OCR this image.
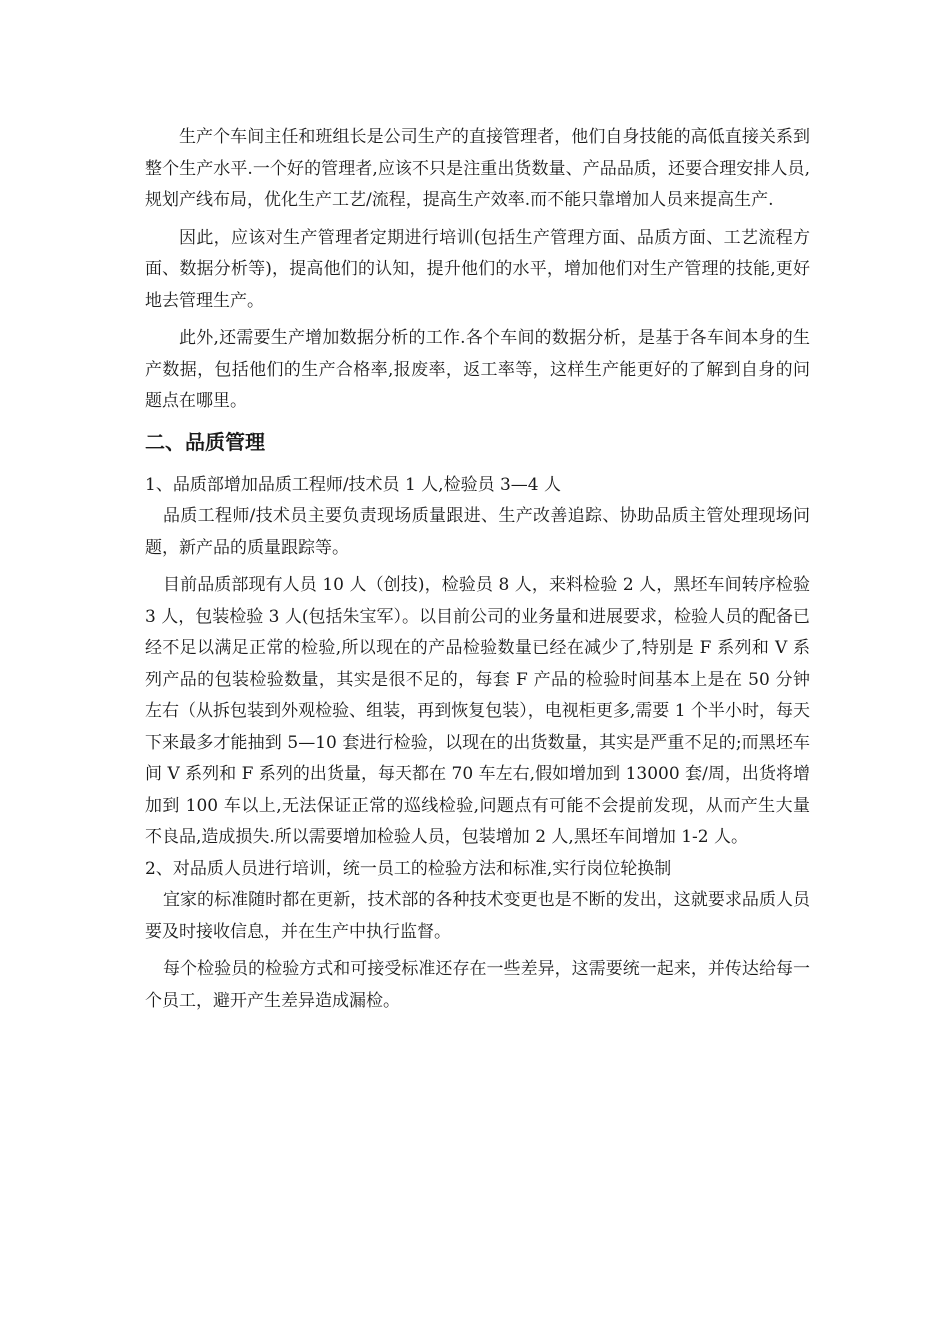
生产个车间主任和班组长是公司生产的直接管理者，他们自身技能的高低直接关系到整个生产水平.一个好的管理者,应该不只是注重出货数量、产品品质，还要合理安排人员,规划产线布局，优化生产工艺/流程，提高生产效率.而不能只靠增加人员来提高生产.

因此，应该对生产管理者定期进行培训(包括生产管理方面、品质方面、工艺流程方面、数据分析等)，提高他们的认知，提升他们的水平，增加他们对生产管理的技能,更好地去管理生产。

此外,还需要生产增加数据分析的工作.各个车间的数据分析，是基于各车间本身的生产数据，包括他们的生产合格率,报废率，返工率等，这样生产能更好的了解到自身的问题点在哪里。

二、品质管理

1、品质部增加品质工程师/技术员 1 人,检验员 3—4 人

品质工程师/技术员主要负责现场质量跟进、生产改善追踪、协助品质主管处理现场问题，新产品的质量跟踪等。

目前品质部现有人员 10 人（创技)，检验员 8 人，来料检验 2 人，黑坯车间转序检验 3 人，包装检验 3 人(包括朱宝军）。以目前公司的业务量和进展要求，检验人员的配备已经不足以满足正常的检验,所以现在的产品检验数量已经在减少了,特别是 F 系列和 V 系列产品的包装检验数量，其实是很不足的，每套 F 产品的检验时间基本上是在 50 分钟左右（从拆包装到外观检验、组装，再到恢复包装），电视柜更多,需要 1 个半小时，每天下来最多才能抽到 5—10 套进行检验，以现在的出货数量，其实是严重不足的;而黑坯车间 V 系列和 F 系列的出货量，每天都在 70 车左右,假如增加到 13000 套/周，出货将增加到 100 车以上,无法保证正常的巡线检验,问题点有可能不会提前发现，从而产生大量不良品,造成损失.所以需要增加检验人员，包装增加 2 人,黑坯车间增加 1-2 人。

2、对品质人员进行培训，统一员工的检验方法和标准,实行岗位轮换制

宜家的标准随时都在更新，技术部的各种技术变更也是不断的发出，这就要求品质人员要及时接收信息，并在生产中执行监督。

每个检验员的检验方式和可接受标准还存在一些差异，这需要统一起来，并传达给每一个员工，避开产生差异造成漏检。
